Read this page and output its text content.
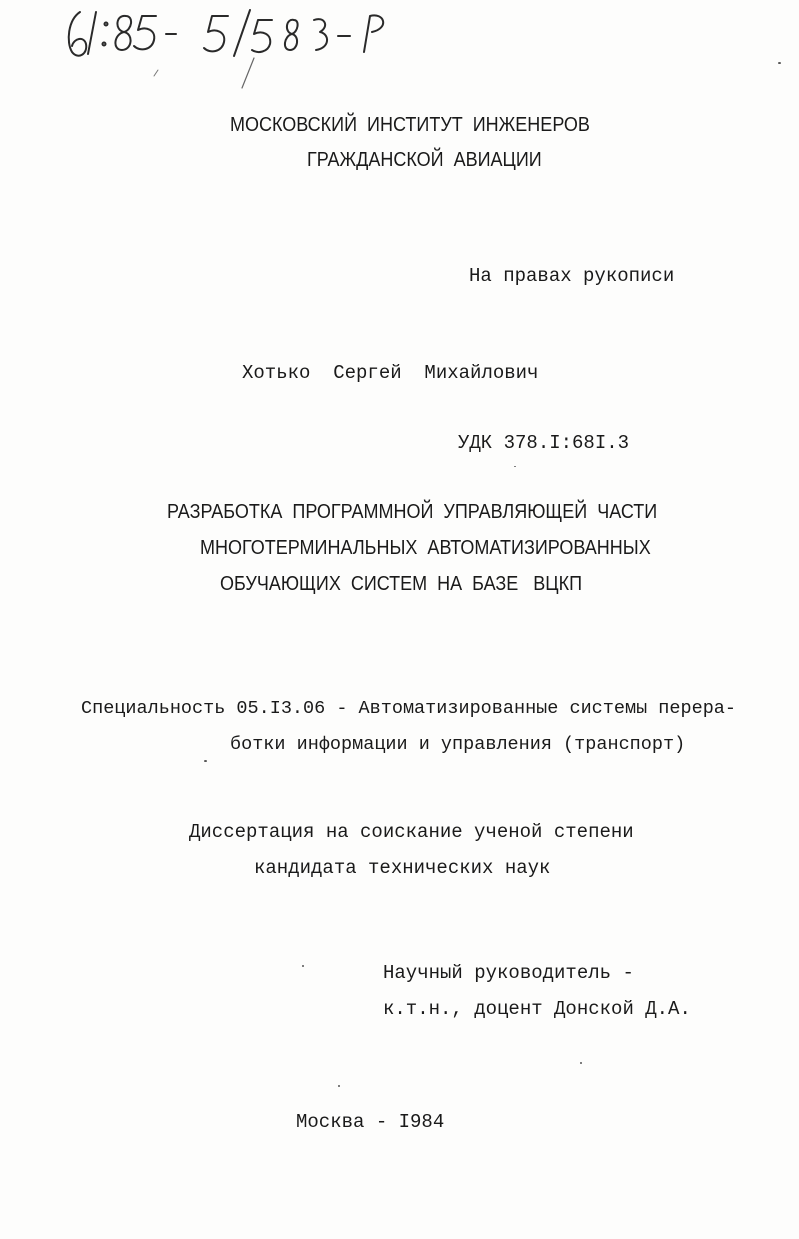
МОСКОВСКИЙ  ИНСТИТУТ  ИНЖЕНЕРОВ
ГРАЖДАНСКОЙ  АВИАЦИИ
На правах рукописи
Хотько  Сергей  Михайлович
УДК 378.I:68I.3
РАЗРАБОТКА  ПРОГРАММНОЙ  УПРАВЛЯЮЩЕЙ  ЧАСТИ
МНОГОТЕРМИНАЛЬНЫХ  АВТОМАТИЗИРОВАННЫХ
ОБУЧАЮЩИХ  СИСТЕМ  НА  БАЗЕ   ВЦКП
Специальность 05.I3.06 - Автоматизированные системы перера-
ботки информации и управления (транспорт)
Диссертация на соискание ученой степени
кандидата технических наук
Научный руководитель -
к.т.н., доцент Донской Д.А.
Москва - I984
